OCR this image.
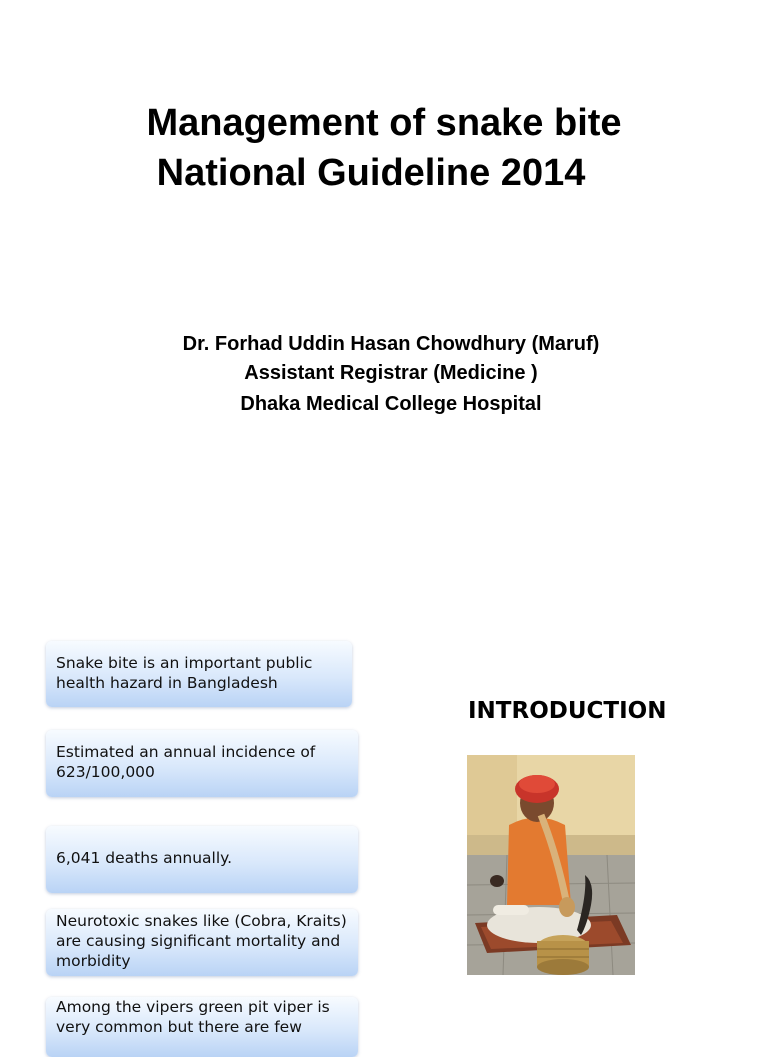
Management of snake bite
National Guideline 2014
Dr. Forhad Uddin Hasan Chowdhury (Maruf)
Assistant Registrar (Medicine )
Dhaka Medical College Hospital
Snake bite is an important public health hazard in Bangladesh
Estimated an annual incidence of 623/100,000
6,041 deaths annually.
Neurotoxic snakes like (Cobra, Kraits) are causing significant mortality and morbidity
Among the vipers green pit viper is very common but there are few
INTRODUCTION
